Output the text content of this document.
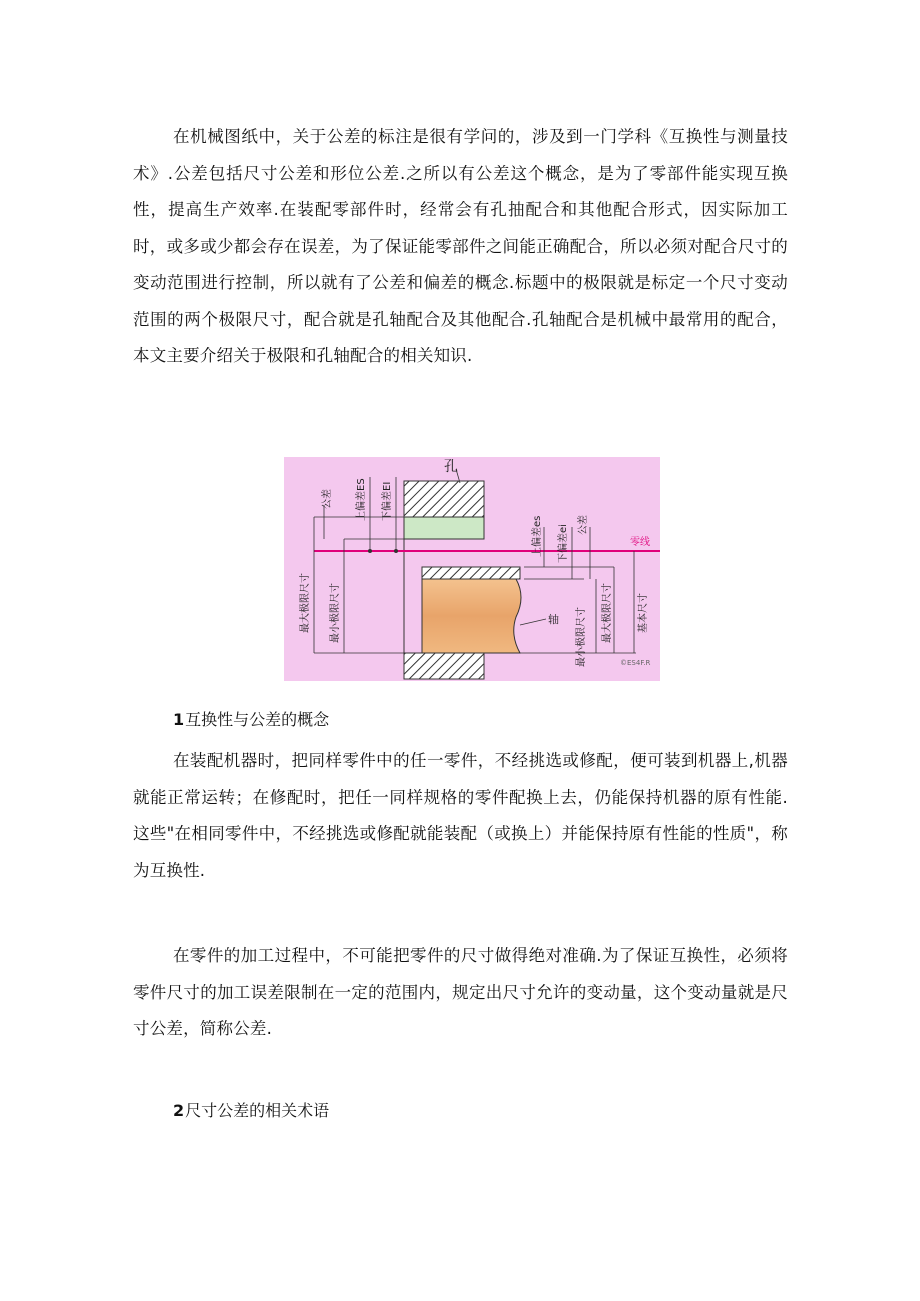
在机械图纸中，关于公差的标注是很有学问的，涉及到一门学科《互换性与测量技术》.公差包括尺寸公差和形位公差.之所以有公差这个概念，是为了零部件能实现互换性，提高生产效率.在装配零部件时，经常会有孔抽配合和其他配合形式，因实际加工时，或多或少都会存在误差，为了保证能零部件之间能正确配合，所以必须对配合尺寸的变动范围进行控制，所以就有了公差和偏差的概念.标题中的极限就是标定一个尺寸变动范围的两个极限尺寸，配合就是孔轴配合及其他配合.孔轴配合是机械中最常用的配合，本文主要介绍关于极限和孔轴配合的相关知识.

孔
轴
零线
公差 上偏差ES 下偏差EI
最大极限尺寸 最小极限尺寸
上偏差es 下偏差ei 公差
最小极限尺寸 最大极限尺寸	基本尺寸
©ES4F.R

1互换性与公差的概念

在装配机器时，把同样零件中的任一零件，不经挑选或修配，便可装到机器上,机器就能正常运转；在修配时，把任一同样规格的零件配换上去，仍能保持机器的原有性能.这些"在相同零件中，不经挑选或修配就能装配（或换上）并能保持原有性能的性质"，称为互换性.

在零件的加工过程中，不可能把零件的尺寸做得绝对准确.为了保证互换性，必须将零件尺寸的加工误差限制在一定的范围内，规定出尺寸允许的变动量，这个变动量就是尺寸公差，简称公差.

2尺寸公差的相关术语
